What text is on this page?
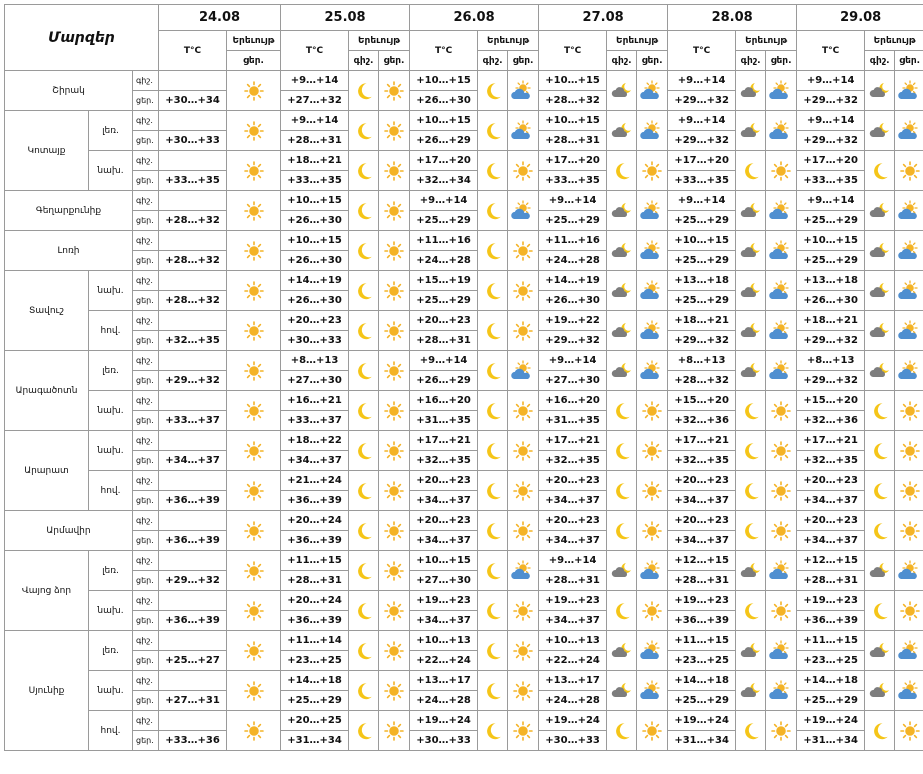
Մարզեր			24.08		25.08			26.08			27.08			28.08			29.08		
			T°C	Երեւույթ	T°C	Երեւույթ		T°C	Երեւույթ		T°C	Երեւույթ		T°C	Երեւույթ		T°C	Երեւույթ	
				ցեր.		գիշ.	ցեր.		գիշ.	ցեր.		գիշ.	ցեր.		գիշ.	ցեր.		գիշ.	ցեր.
Շիրակ		գիշ.			+9…+14			+10…+15			+10…+15			+9…+14			+9…+14	

		ցեր.	+30…+34		+27…+32			+26…+30			+28…+32			+29…+32			+29…+32		
Կոտայք	լեռ.	գիշ.			+9…+14			+10…+15			+10…+15			+9…+14			+9…+14	

		ցեր.	+30…+33		+28…+31			+26…+29			+28…+31			+29…+32			+29…+32		
	նախ.	գիշ.			+18…+21			+17…+20			+17…+20			+17…+20			+17…+20	

		ցեր.	+33…+35		+33…+35			+32…+34			+33…+35			+33…+35			+33…+35		
Գեղարքունիք		գիշ.			+10…+15			+9…+14			+9…+14			+9…+14			+9…+14	

		ցեր.	+28…+32		+26…+30			+25…+29			+25…+29			+25…+29			+25…+29		
Լոռի		գիշ.			+10…+15			+11…+16			+11…+16			+10…+15			+10…+15	

		ցեր.	+28…+32		+26…+30			+24…+28			+24…+28			+25…+29			+25…+29		
Տավուշ	նախ.	գիշ.			+14…+19			+15…+19			+14…+19			+13…+18			+13…+18	

		ցեր.	+28…+32		+26…+30			+25…+29			+26…+30			+25…+29			+26…+30		
	հով.	գիշ.			+20…+23			+20…+23			+19…+22			+18…+21			+18…+21	

		ցեր.	+32…+35		+30…+33			+28…+31			+29…+32			+29…+32			+29…+32		
Արագածոտն	լեռ.	գիշ.			+8…+13			+9…+14			+9…+14			+8…+13			+8…+13	

		ցեր.	+29…+32		+27…+30			+26…+29			+27…+30			+28…+32			+29…+32		
	նախ.	գիշ.			+16…+21			+16…+20			+16…+20			+15…+20			+15…+20	

		ցեր.	+33…+37		+33…+37			+31…+35			+31…+35			+32…+36			+32…+36		
Արարատ	նախ.	գիշ.			+18…+22			+17…+21			+17…+21			+17…+21			+17…+21	

		ցեր.	+34…+37		+34…+37			+32…+35			+32…+35			+32…+35			+32…+35		
	հով.	գիշ.			+21…+24			+20…+23			+20…+23			+20…+23			+20…+23	

		ցեր.	+36…+39		+36…+39			+34…+37			+34…+37			+34…+37			+34…+37		
Արմավիր		գիշ.			+20…+24			+20…+23			+20…+23			+20…+23			+20…+23	

		ցեր.	+36…+39		+36…+39			+34…+37			+34…+37			+34…+37			+34…+37		
Վայոց ձոր	լեռ.	գիշ.			+11…+15			+10…+15			+9…+14			+12…+15			+12…+15	

		ցեր.	+29…+32		+28…+31			+27…+30			+28…+31			+28…+31			+28…+31		
	նախ.	գիշ.			+20…+24			+19…+23			+19…+23			+19…+23			+19…+23	

		ցեր.	+36…+39		+36…+39			+34…+37			+34…+37			+36…+39			+36…+39		
Սյունիք	լեռ.	գիշ.			+11…+14			+10…+13			+10…+13			+11…+15			+11…+15	

		ցեր.	+25…+27		+23…+25			+22…+24			+22…+24			+23…+25			+23…+25		
	նախ.	գիշ.			+14…+18			+13…+17			+13…+17			+14…+18			+14…+18	

		ցեր.	+27…+31		+25…+29			+24…+28			+24…+28			+25…+29			+25…+29		
	հով.	գիշ.			+20…+25			+19…+24			+19…+24			+19…+24			+19…+24	

		ցեր.	+33…+36		+31…+34			+30…+33			+30…+33			+31…+34			+31…+34		
